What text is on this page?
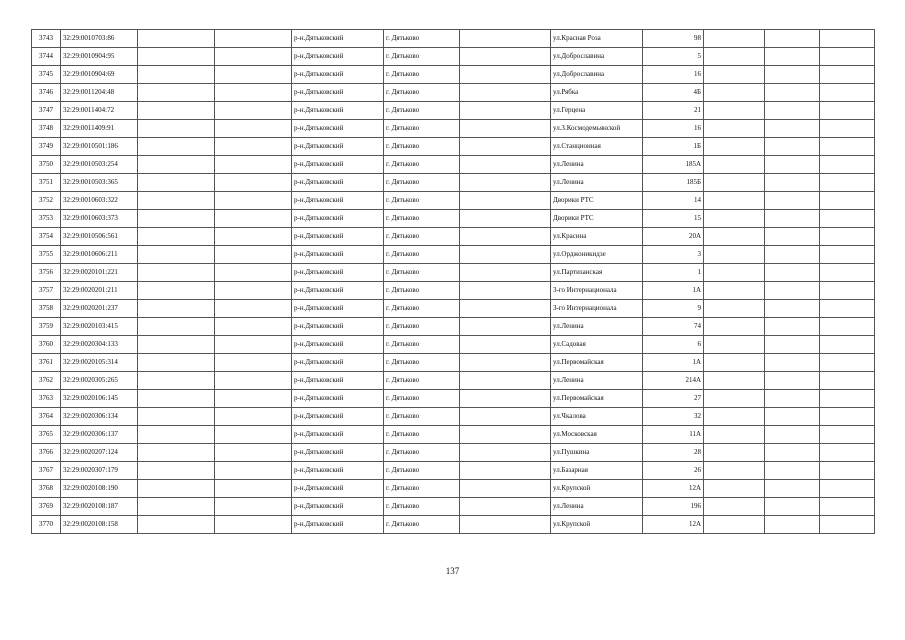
3743	32:29:0010703:86			р-н.Дятьковский	г. Дятьково		ул.Красная Роза	98			
3744	32:29:0010904:95			р-н.Дятьковский	г. Дятьково		ул.Доброславина	5			
3745	32:29:0010904:69			р-н.Дятьковский	г. Дятьково		ул.Доброславина	16			
3746	32:29:0011204:48			р-н.Дятьковский	г. Дятьково		ул.Рябка	4Б			
3747	32:29:0011404:72			р-н.Дятьковский	г. Дятьково		ул.Герцена	21			
3748	32:29:0011409:91			р-н.Дятьковский	г. Дятьково		ул.З.Космодемьянской	16			
3749	32:29:0010501:186			р-н.Дятьковский	г. Дятьково		ул.Станционная	1Б			
3750	32:29:0010503:254			р-н.Дятьковский	г. Дятьково		ул.Ленина	185А			
3751	32:29:0010503:365			р-н.Дятьковский	г. Дятьково		ул.Ленина	185Б			
3752	32:29:0010603:322			р-н.Дятьковский	г. Дятьково		Дворики РТС	14			
3753	32:29:0010603:373			р-н.Дятьковский	г. Дятьково		Дворики РТС	15			
3754	32:29:0010506:561			р-н.Дятьковский	г. Дятьково		ул.Красина	20А			
3755	32:29:0010606:211			р-н.Дятьковский	г. Дятьково		ул.Орджоникидзе	3			
3756	32:29:0020101:221			р-н.Дятьковский	г. Дятьково		ул.Партизанская	1			
3757	32:29:0020201:211			р-н.Дятьковский	г. Дятьково		3-го Интернационала	1А			
3758	32:29:0020201:237			р-н.Дятьковский	г. Дятьково		3-го Интернационала	9			
3759	32:29:0020103:415			р-н.Дятьковский	г. Дятьково		ул.Ленина	74			
3760	32:29:0020304:133			р-н.Дятьковский	г. Дятьково		ул.Садовая	6			
3761	32:29:0020105:314			р-н.Дятьковский	г. Дятьково		ул.Первомайская	1А			
3762	32:29:0020305:265			р-н.Дятьковский	г. Дятьково		ул.Ленина	214А			
3763	32:29:0020106:145			р-н.Дятьковский	г. Дятьково		ул.Первомайская	27			
3764	32:29:0020306:134			р-н.Дятьковский	г. Дятьково		ул.Чкалова	32			
3765	32:29:0020306:137			р-н.Дятьковский	г. Дятьково		ул.Московская	11А			
3766	32:29:0020207:124			р-н.Дятьковский	г. Дятьково		ул.Пушкина	28			
3767	32:29:0020307:179			р-н.Дятьковский	г. Дятьково		ул.Базарная	26			
3768	32:29:0020108:190			р-н.Дятьковский	г. Дятьково		ул.Крупской	12А			
3769	32:29:0020108:187			р-н.Дятьковский	г. Дятьково		ул.Ленина	196			
3770	32:29:0020108:158			р-н.Дятьковский	г. Дятьково		ул.Крупской	12А			
137
